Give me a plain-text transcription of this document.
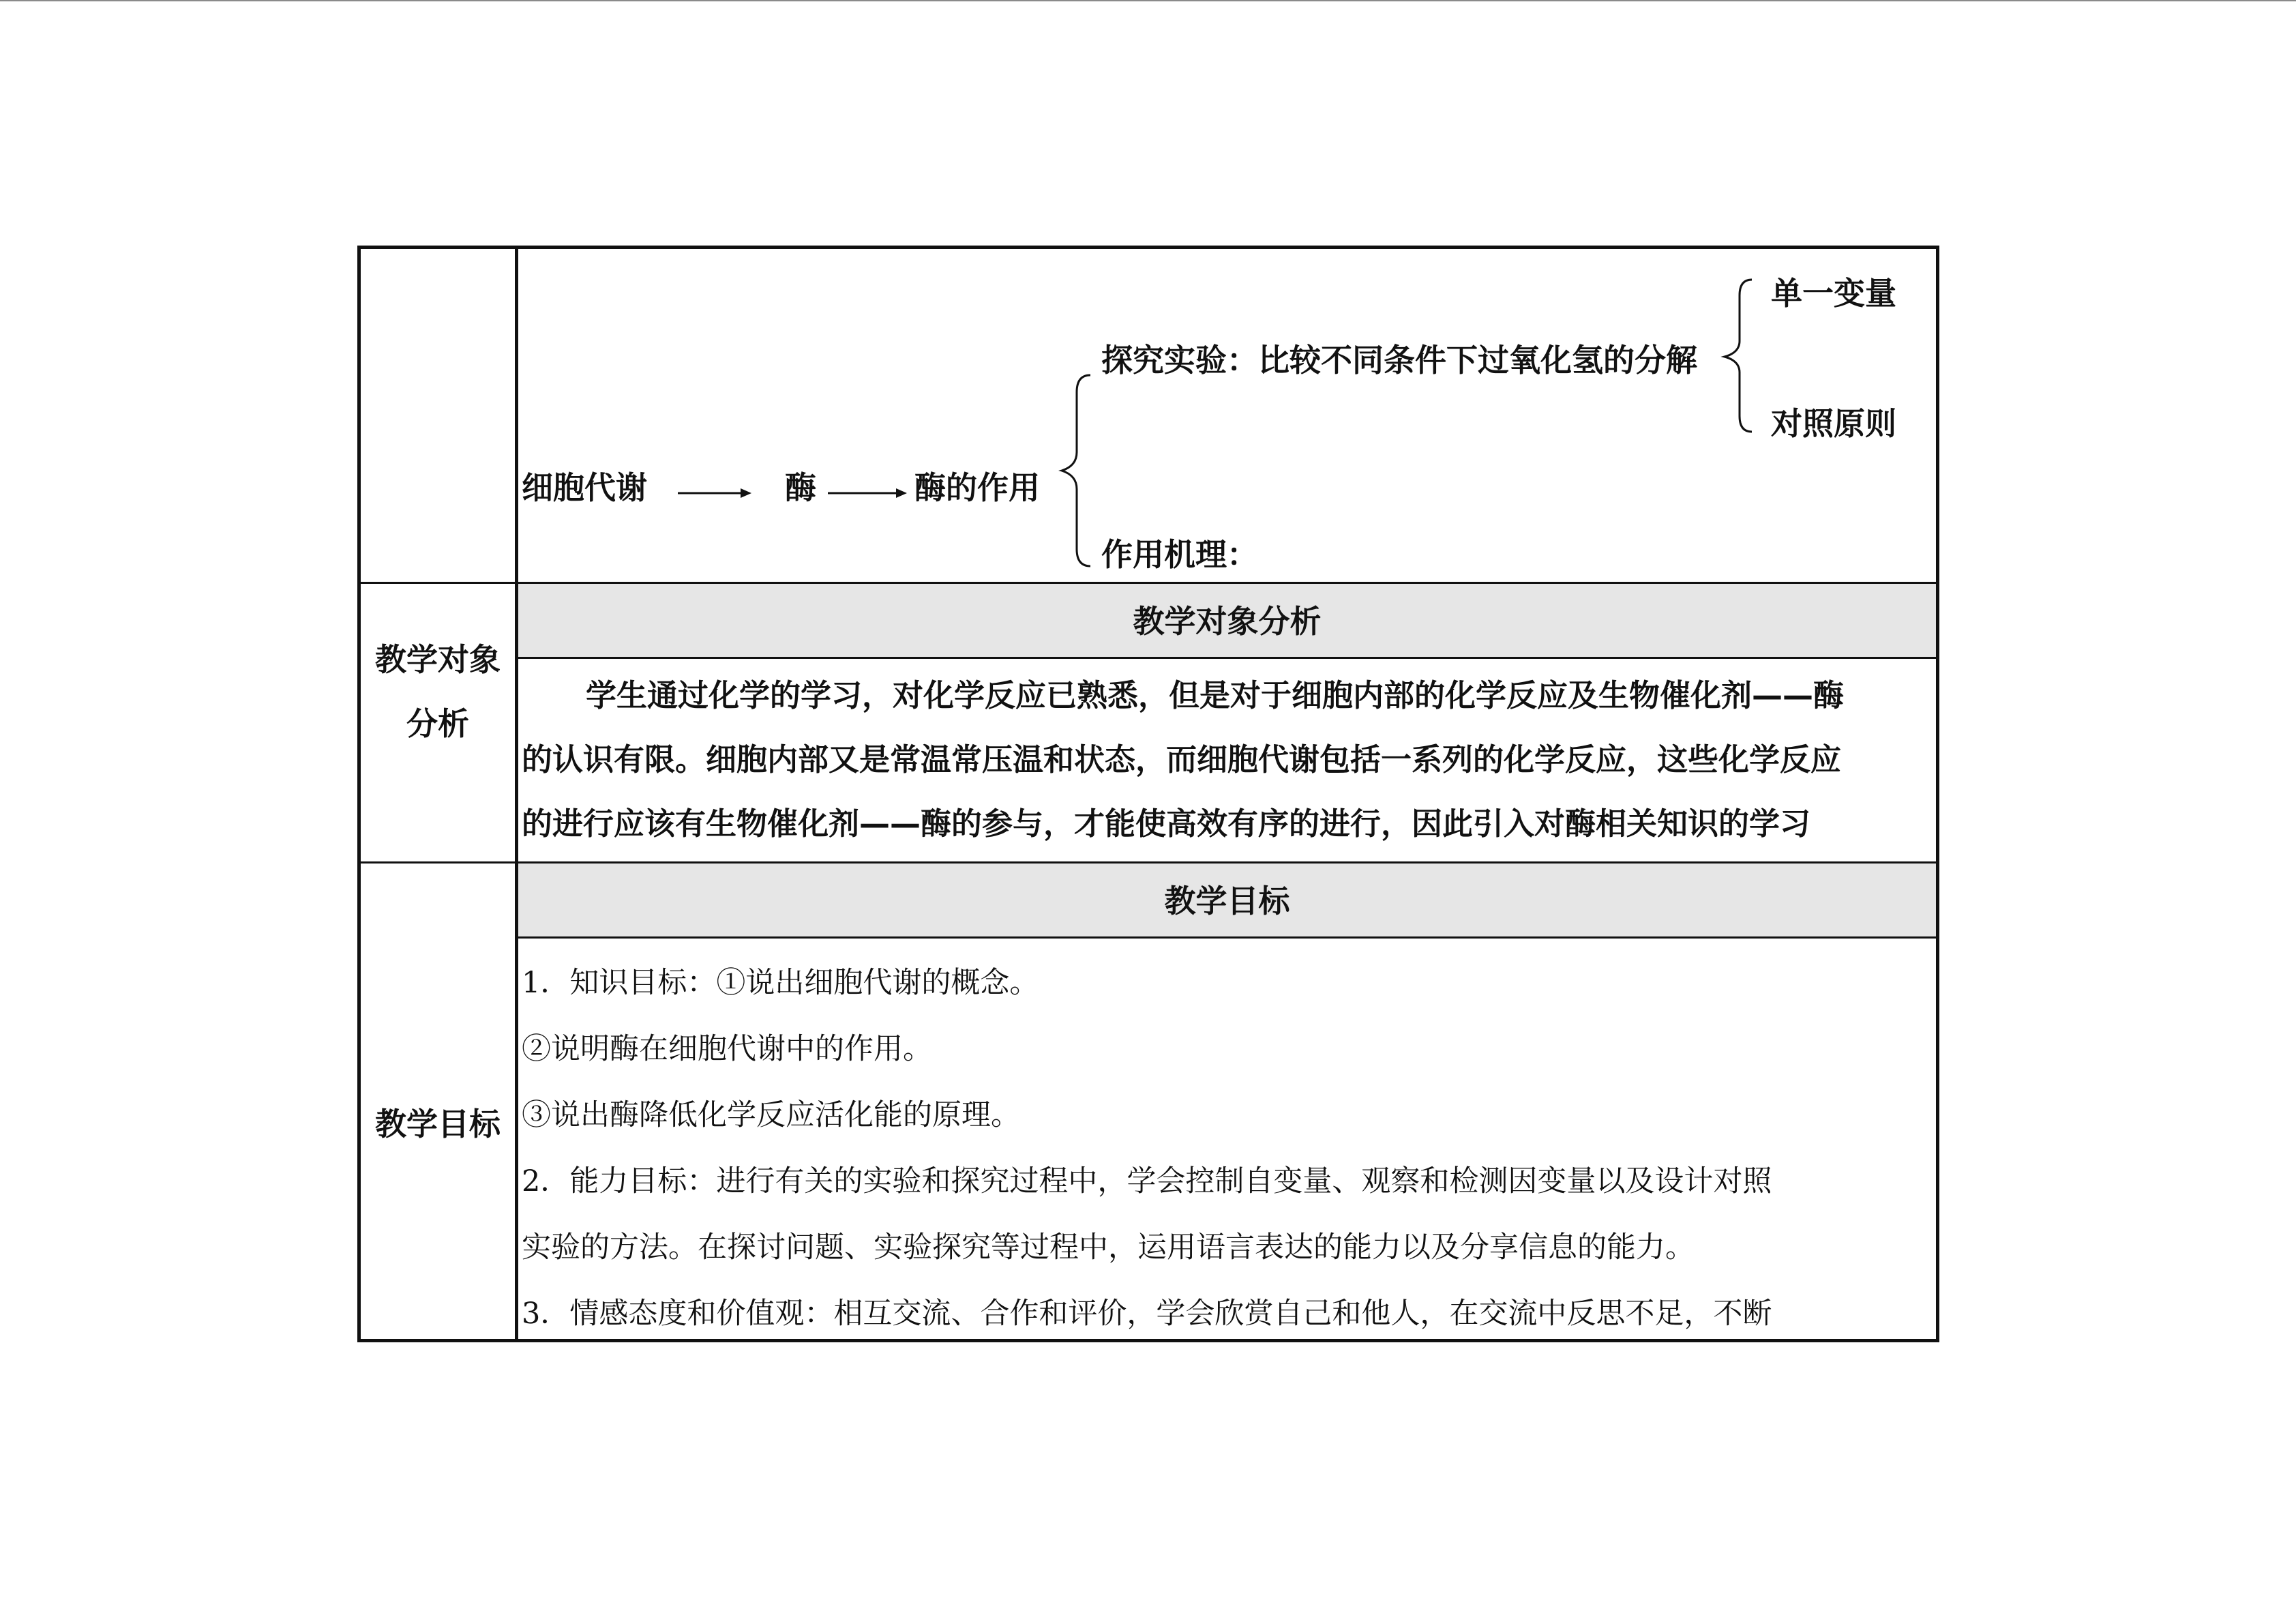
细胞代谢	酶	酶的作用
探究实验：比较不同条件下过氧化氢的分解
作用机理：
单一变量
对照原则
教学对象
分析
教学对象分析
学生通过化学的学习，对化学反应已熟悉，但是对于细胞内部的化学反应及生物催化剂——酶
的认识有限。细胞内部又是常温常压温和状态，而细胞代谢包括一系列的化学反应，这些化学反应
的进行应该有生物催化剂——酶的参与，才能使高效有序的进行，因此引入对酶相关知识的学习
教学目标
教学目标
1．知识目标：①说出细胞代谢的概念。
②说明酶在细胞代谢中的作用。
③说出酶降低化学反应活化能的原理。
2．能力目标：进行有关的实验和探究过程中，学会控制自变量、观察和检测因变量以及设计对照
实验的方法。在探讨问题、实验探究等过程中，运用语言表达的能力以及分享信息的能力。
3．情感态度和价值观：相互交流、合作和评价，学会欣赏自己和他人，在交流中反思不足，不断
